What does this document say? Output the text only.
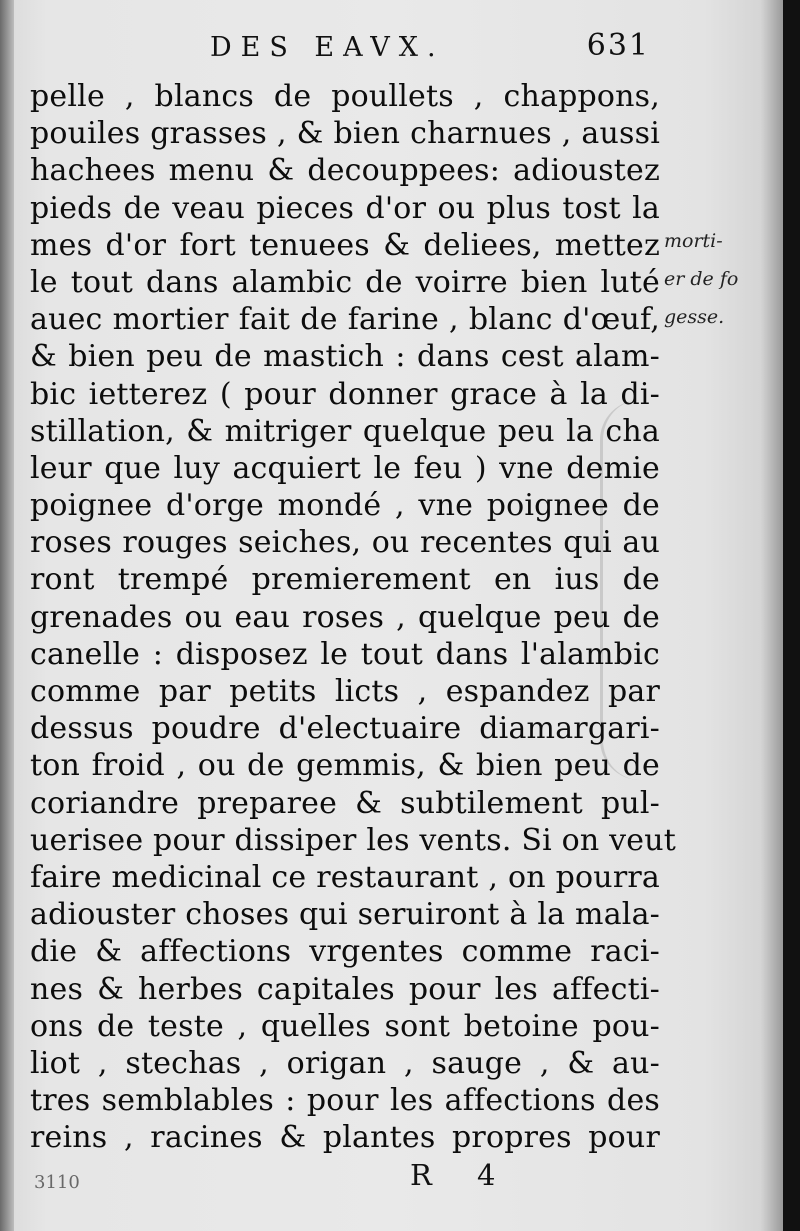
DES EAVX.	631
pelle , blancs de poullets , chappons,
pouiles grasses , & bien charnues , aussi
hachees menu & decouppees: adioustez
pieds de veau pieces d'or ou plus tost la
mes d'or fort tenuees & deliees, mettez
le tout dans alambic de voirre bien luté
auec mortier fait de farine , blanc d'œuf,
& bien peu de mastich : dans cest alam-
bic ietterez ( pour donner grace à la di-
stillation, & mitriger quelque peu la cha
leur que luy acquiert le feu ) vne demie
poignee d'orge mondé , vne poignee de
roses rouges seiches, ou recentes qui au
ront trempé premierement en ius de
grenades ou eau roses , quelque peu de
canelle : disposez le tout dans l'alambic
comme par petits licts , espandez par
dessus poudre d'electuaire diamargari-
ton froid , ou de gemmis, & bien peu de
coriandre preparee & subtilement pul-
uerisee pour dissiper les vents. Si on veut
faire medicinal ce restaurant , on pourra
adiouster choses qui seruiront à la mala-
die & affections vrgentes comme raci-
nes & herbes capitales pour les affecti-
ons de teste , quelles sont betoine pou-
liot , stechas , origan , sauge , & au-
tres semblables : pour les affections des
reins , racines & plantes propres pour
morti-
er de fo
gesse.
3110	R 4
